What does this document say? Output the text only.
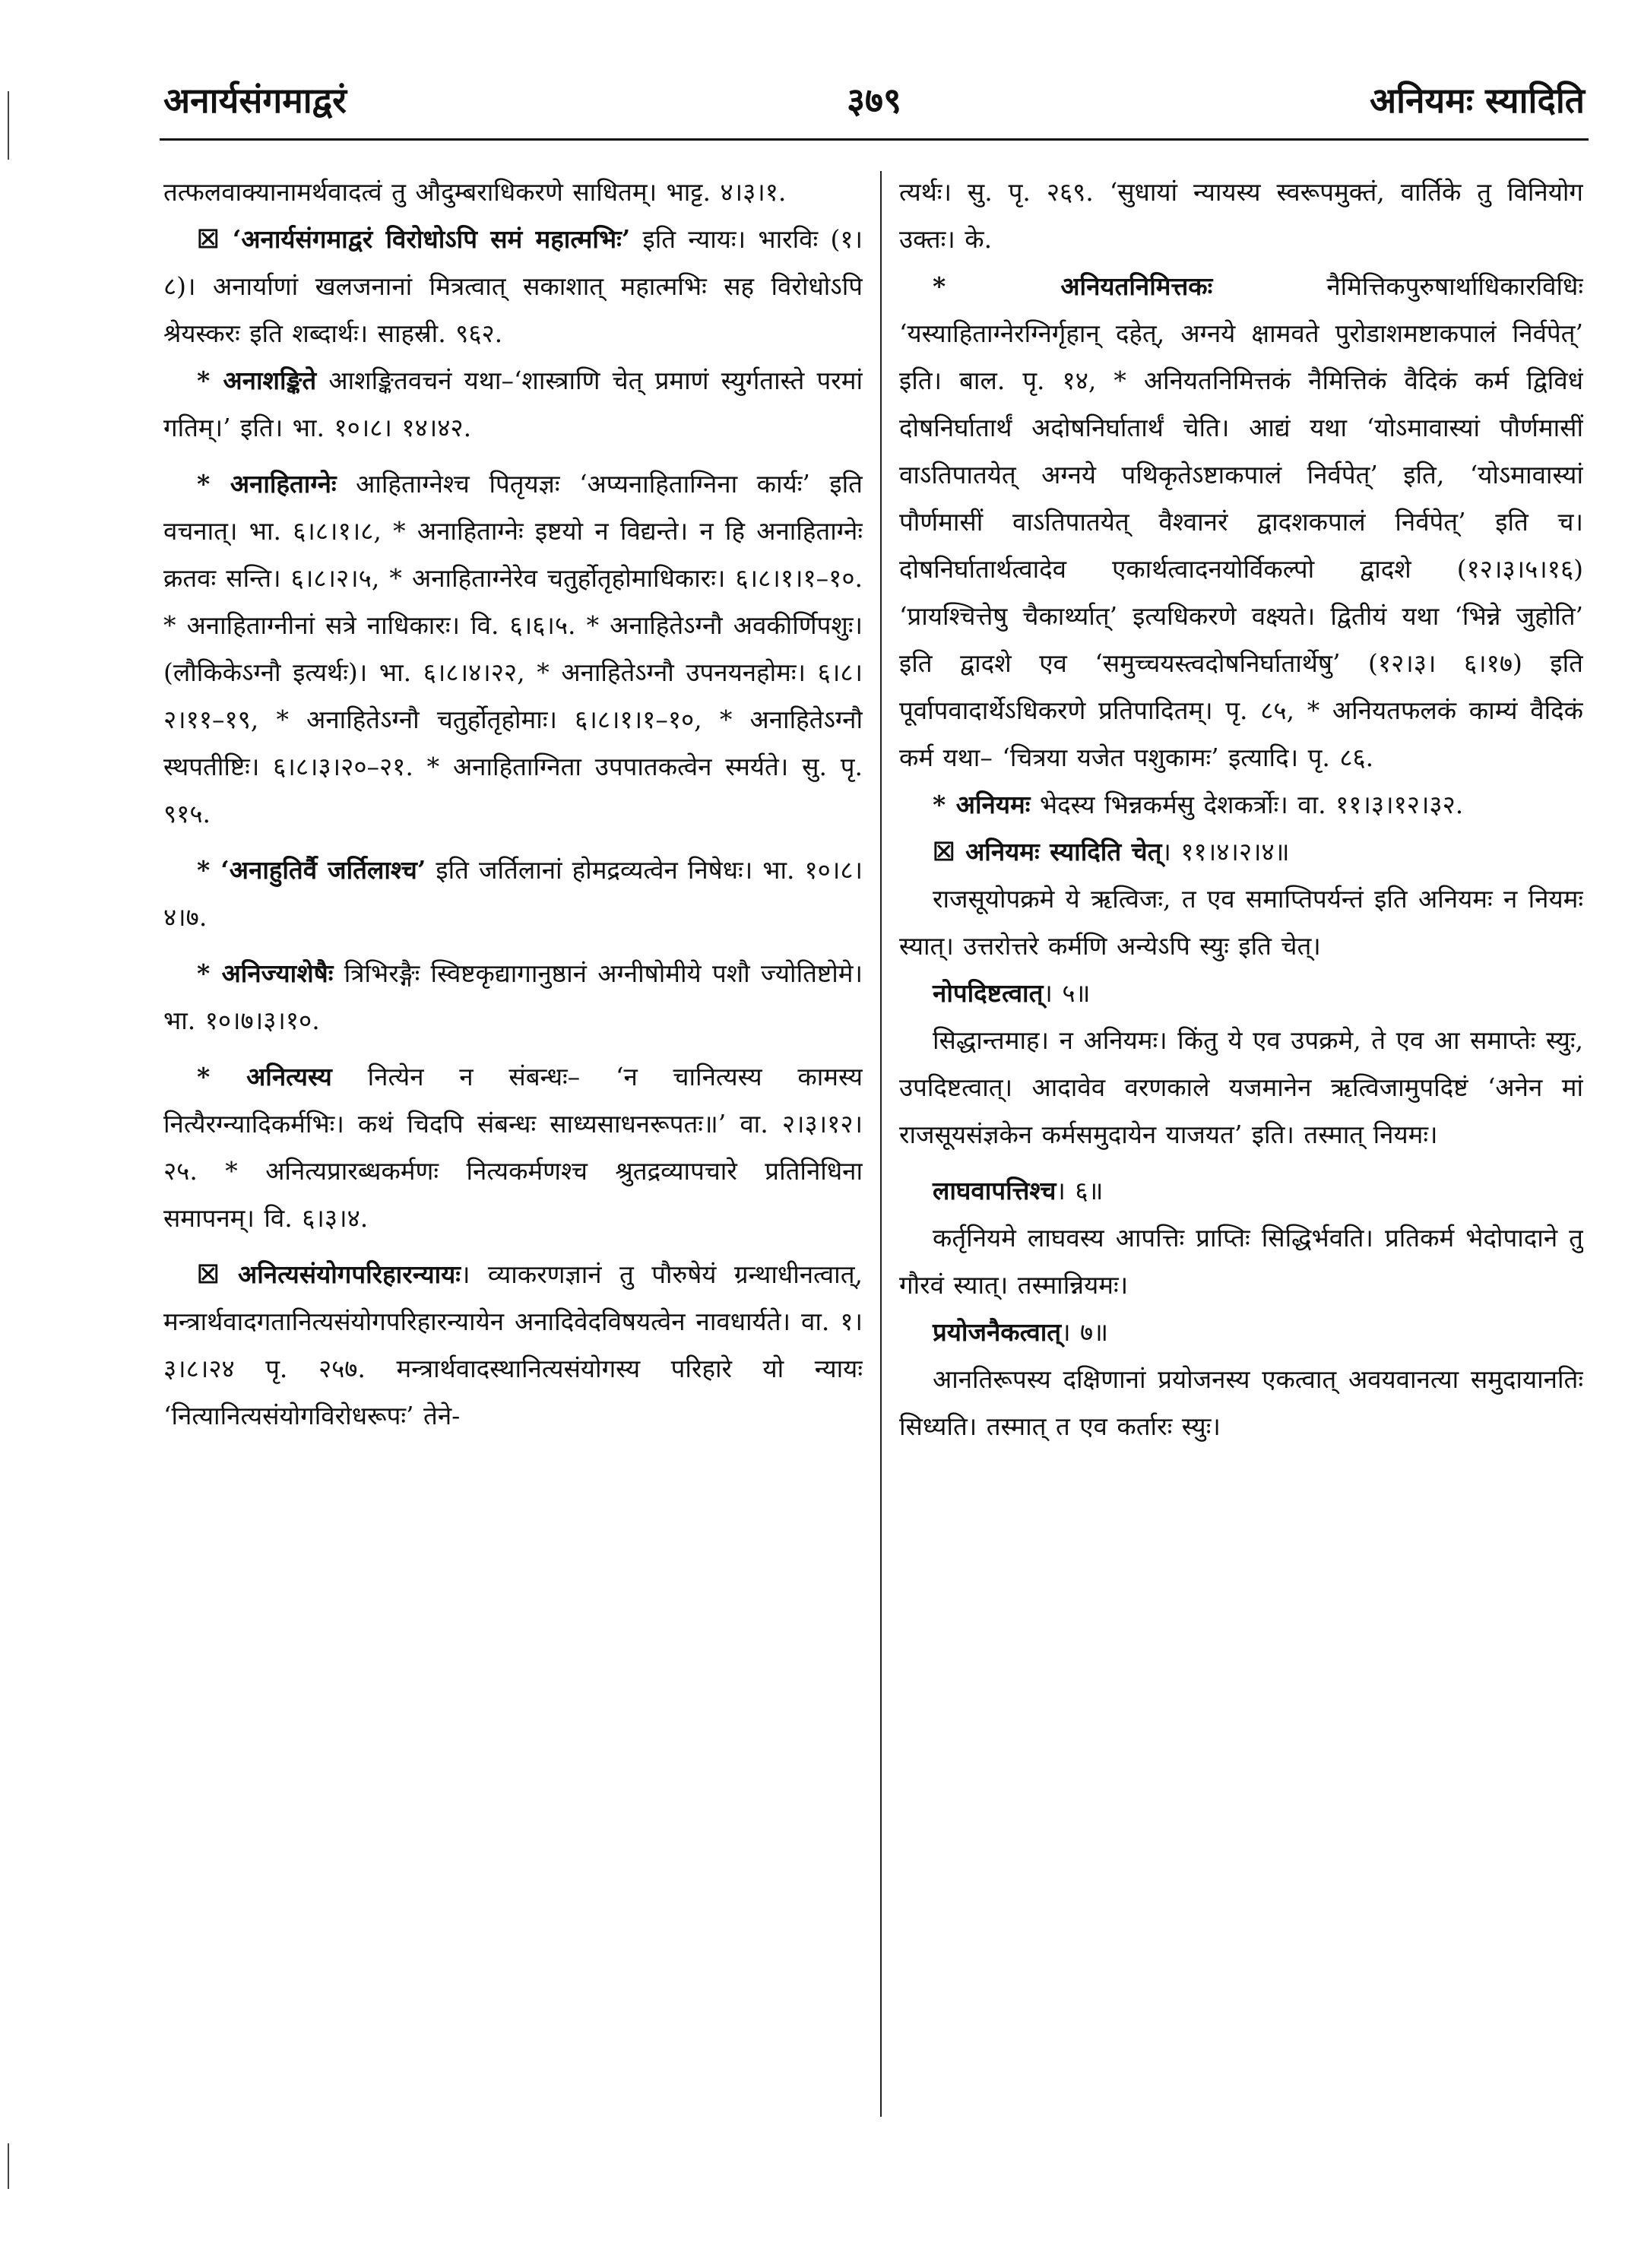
अनार्यसंगमाद्वरं	३७९	अनियमः स्यादिति

तत्फलवाक्यानामर्थवादत्वं तु औदुम्बराधिकरणे साधितम्। भाट्ट. ४।३।१.

☒ ‘अनार्यसंगमाद्वरं विरोधोऽपि समं महात्मभिः’ इति न्यायः। भारविः (१।८)। अनार्याणां खलजनानां मित्रत्वात् सकाशात् महात्मभिः सह विरोधोऽपि श्रेयस्करः इति शब्दार्थः। साहस्री. ९६२.

* अनाशङ्किते आशङ्कितवचनं यथा–‘शास्त्राणि चेत् प्रमाणं स्युर्गतास्ते परमां गतिम्।’ इति। भा. १०।८। १४।४२.

* अनाहिताग्नेः आहिताग्नेश्च पितृयज्ञः ‘अप्यनाहिताग्निना कार्यः’ इति वचनात्। भा. ६।८।१।८, * अनाहिताग्नेः इष्टयो न विद्यन्ते। न हि अनाहिताग्नेः क्रतवः सन्ति। ६।८।२।५, * अनाहिताग्नेरेव चतुर्होतृहोमाधिकारः। ६।८।१।१–१०. * अनाहिताग्नीनां सत्रे नाधिकारः। वि. ६।६।५. * अनाहितेऽग्नौ अवकीर्णिपशुः। (लौकिकेऽग्नौ इत्यर्थः)। भा. ६।८।४।२२, * अनाहितेऽग्नौ उपनयनहोमः। ६।८।२।११–१९, * अनाहितेऽग्नौ चतुर्होतृहोमाः। ६।८।१।१–१०, * अनाहितेऽग्नौ स्थपतीष्टिः। ६।८।३।२०–२१. * अनाहिताग्निता उपपातकत्वेन स्मर्यते। सु. पृ. ९१५.

* ‘अनाहुतिर्वै जर्तिलाश्च’ इति जर्तिलानां होमद्रव्यत्वेन निषेधः। भा. १०।८।४।७.

* अनिज्याशेषैः त्रिभिरङ्गैः स्विष्टकृद्यागानुष्ठानं अग्नीषोमीये पशौ ज्योतिष्टोमे। भा. १०।७।३।१०.

* अनित्यस्य नित्येन न संबन्धः– ‘न चानित्यस्य कामस्य नित्यैरग्न्यादिकर्मभिः। कथं चिदपि संबन्धः साध्यसाधनरूपतः॥’ वा. २।३।१२।२५. * अनित्यप्रारब्धकर्मणः नित्यकर्मणश्च श्रुतद्रव्यापचारे प्रतिनिधिना समापनम्। वि. ६।३।४.

☒ अनित्यसंयोगपरिहारन्यायः। व्याकरणज्ञानं तु पौरुषेयं ग्रन्थाधीनत्वात्, मन्त्रार्थवादगतानित्यसंयोगपरिहारन्यायेन अनादिवेदविषयत्वेन नावधार्यते। वा. १।३।८।२४ पृ. २५७. मन्त्रार्थवादस्थानित्यसंयोगस्य परिहारे यो न्यायः ‘नित्यानित्यसंयोगविरोधरूपः’ तेने-

त्यर्थः। सु. पृ. २६९. ‘सुधायां न्यायस्य स्वरूपमुक्तं, वार्तिके तु विनियोग उक्तः। के.

* अनियतनिमित्तकः नैमित्तिकपुरुषार्थाधिकारविधिः ‘यस्याहिताग्नेरग्निर्गृहान् दहेत्, अग्नये क्षामवते पुरोडाशमष्टाकपालं निर्वपेत्’ इति। बाल. पृ. १४, * अनियतनिमित्तकं नैमित्तिकं वैदिकं कर्म द्विविधं दोषनिर्घातार्थं अदोषनिर्घातार्थं चेति। आद्यं यथा ‘योऽमावास्यां पौर्णमासीं वाऽतिपातयेत् अग्नये पथिकृतेऽष्टाकपालं निर्वपेत्’ इति, ‘योऽमावास्यां पौर्णमासीं वाऽतिपातयेत् वैश्वानरं द्वादशकपालं निर्वपेत्’ इति च। दोषनिर्घातार्थत्वादेव एकार्थत्वादनयोर्विकल्पो द्वादशे (१२।३।५।१६) ‘प्रायश्चित्तेषु चैकार्थ्यात्’ इत्यधिकरणे वक्ष्यते। द्वितीयं यथा ‘भिन्ने जुहोति’ इति द्वादशे एव ‘समुच्चयस्त्वदोषनिर्घातार्थेषु’ (१२।३। ६।१७) इति पूर्वापवादार्थेऽधिकरणे प्रतिपादितम्। पृ. ८५, * अनियतफलकं काम्यं वैदिकं कर्म यथा– ‘चित्रया यजेत पशुकामः’ इत्यादि। पृ. ८६.

* अनियमः भेदस्य भिन्नकर्मसु देशकर्त्रोः। वा. ११।३।१२।३२.

☒ अनियमः स्यादिति चेत्। ११।४।२।४॥

राजसूयोपक्रमे ये ऋत्विजः, त एव समाप्तिपर्यन्तं इति अनियमः न नियमः स्यात्। उत्तरोत्तरे कर्मणि अन्येऽपि स्युः इति चेत्।

नोपदिष्टत्वात्। ५॥

सिद्धान्तमाह। न अनियमः। किंतु ये एव उपक्रमे, ते एव आ समाप्तेः स्युः, उपदिष्टत्वात्। आदावेव वरणकाले यजमानेन ऋत्विजामुपदिष्टं ‘अनेन मां राजसूयसंज्ञकेन कर्मसमुदायेन याजयत’ इति। तस्मात् नियमः।

लाघवापत्तिश्च। ६॥

कर्तृनियमे लाघवस्य आपत्तिः प्राप्तिः सिद्धिर्भवति। प्रतिकर्म भेदोपादाने तु गौरवं स्यात्। तस्मान्नियमः।

प्रयोजनैकत्वात्। ७॥

आनतिरूपस्य दक्षिणानां प्रयोजनस्य एकत्वात् अवयवानत्या समुदायानतिः सिध्यति। तस्मात् त एव कर्तारः स्युः।
